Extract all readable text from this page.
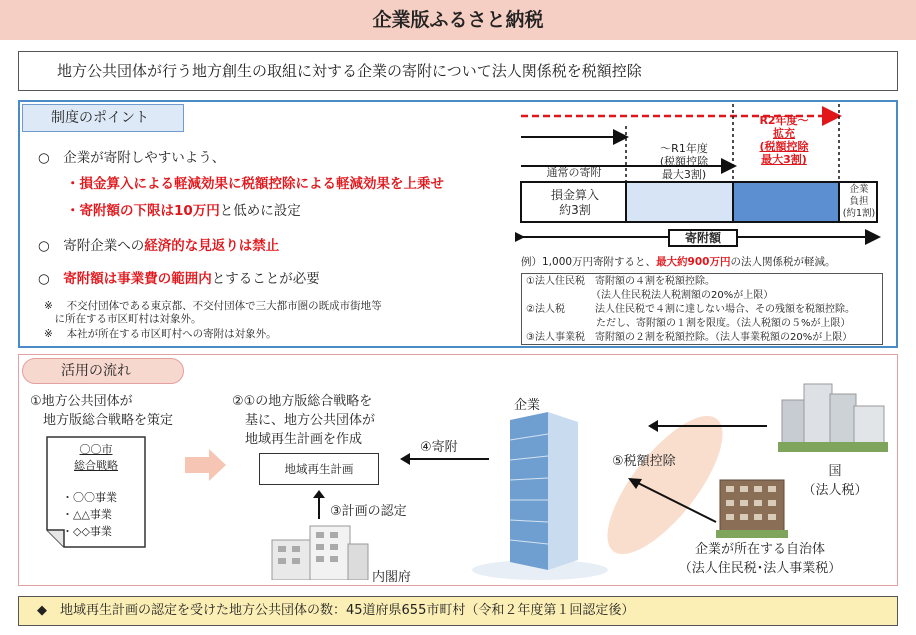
企業版ふるさと納税
地方公共団体が行う地方創生の取組に対する企業の寄附について法人関係税を税額控除
制度のポイント
○　企業が寄附しやすいよう、
・損金算入による軽減効果に税額控除による軽減効果を上乗せ
・寄附額の下限は10万円と低めに設定
○　寄附企業への経済的な見返りは禁止
○　寄附額は事業費の範囲内とすることが必要
※　 不交付団体である東京都、不交付団体で三大都市圏の既成市街地等
　に所在する市区町村は対象外。
※　 本社が所在する市区町村への寄附は対象外。
R2年度～
拡充
(税額控除
最大3割)
～R1年度
(税額控除
最大3割)
通常の寄附
損金算入
約3割
企業
負担
(約1割)
寄附額
例）1,000万円寄附すると、最大約900万円の法人関係税が軽減。
①法人住民税　寄附額の４割を税額控除。
　　　　　　　（法人住民税法人税割額の20%が上限）
②法人税　　　法人住民税で４割に達しない場合、その残額を税額控除。
　　　　　　　ただし、寄附額の１割を限度。（法人税額の５%が上限）
③法人事業税　寄附額の２割を税額控除。（法人事業税額の20%が上限）
活用の流れ
①地方公共団体が
　地方版総合戦略を策定
〇〇市
総合戦略
・〇〇事業
・△△事業
・◇◇事業
②①の地方版総合戦略を
　基に、地方公共団体が
　地域再生計画を作成
地域再生計画
③計画の認定
内閣府
④寄附
企業
⑤税額控除
国
（法人税）
企業が所在する自治体
（法人住民税･法人事業税）
◆　地域再生計画の認定を受けた地方公共団体の数：45道府県655市町村（令和２年度第１回認定後）
